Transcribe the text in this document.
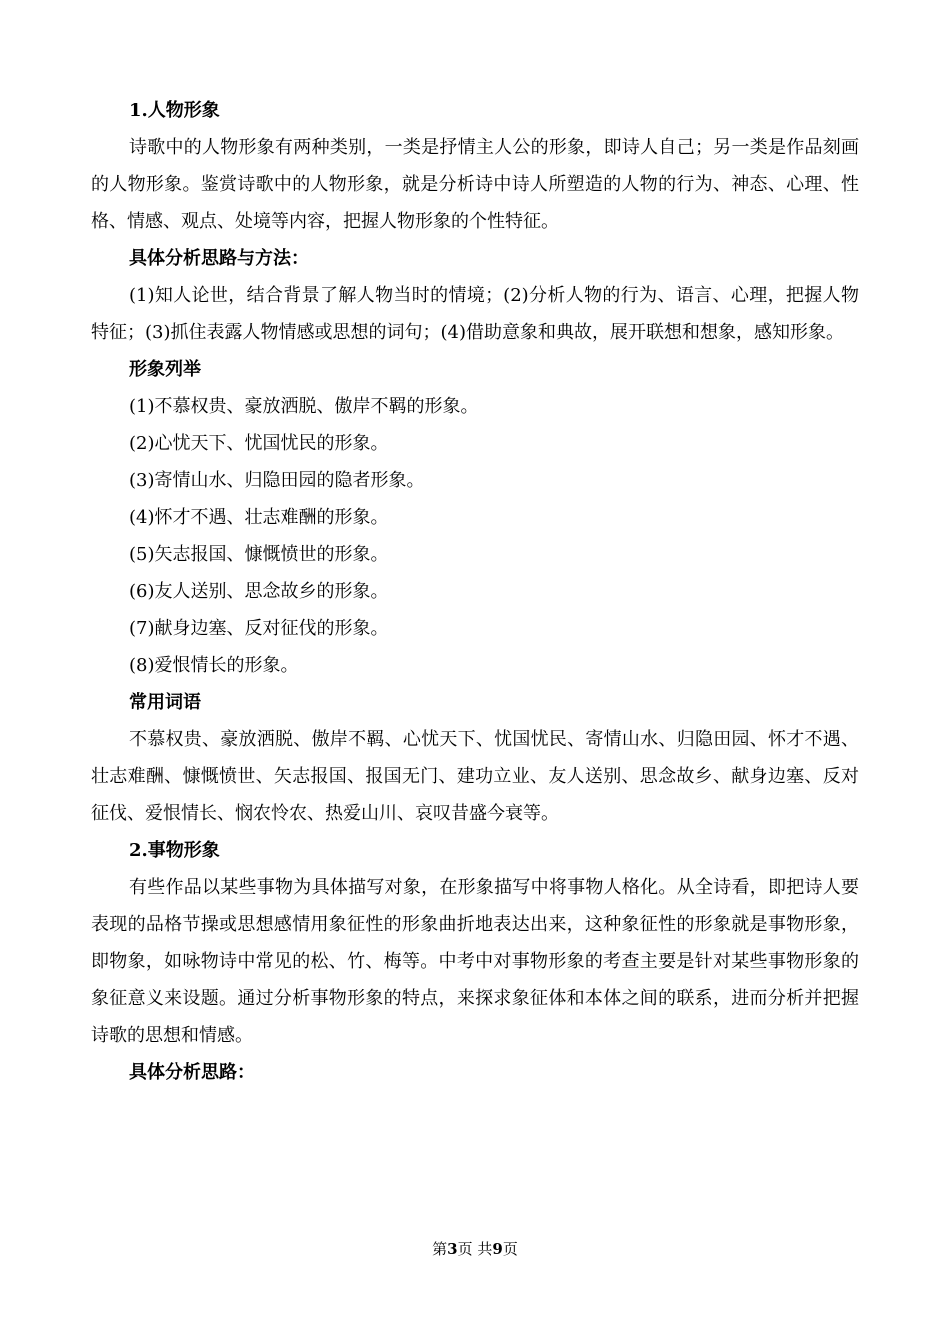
1.人物形象

诗歌中的人物形象有两种类别，一类是抒情主人公的形象，即诗人自己；另一类是作品刻画的人物形象。鉴赏诗歌中的人物形象，就是分析诗中诗人所塑造的人物的行为、神态、心理、性格、情感、观点、处境等内容，把握人物形象的个性特征。

具体分析思路与方法：

(1)知人论世，结合背景了解人物当时的情境；(2)分析人物的行为、语言、心理，把握人物特征；(3)抓住表露人物情感或思想的词句；(4)借助意象和典故，展开联想和想象，感知形象。

形象列举

(1)不慕权贵、豪放洒脱、傲岸不羁的形象。

(2)心忧天下、忧国忧民的形象。

(3)寄情山水、归隐田园的隐者形象。

(4)怀才不遇、壮志难酬的形象。

(5)矢志报国、慷慨愤世的形象。

(6)友人送别、思念故乡的形象。

(7)献身边塞、反对征伐的形象。

(8)爱恨情长的形象。

常用词语

不慕权贵、豪放洒脱、傲岸不羁、心忧天下、忧国忧民、寄情山水、归隐田园、怀才不遇、壮志难酬、慷慨愤世、矢志报国、报国无门、建功立业、友人送别、思念故乡、献身边塞、反对征伐、爱恨情长、悯农怜农、热爱山川、哀叹昔盛今衰等。

2.事物形象

有些作品以某些事物为具体描写对象，在形象描写中将事物人格化。从全诗看，即把诗人要表现的品格节操或思想感情用象征性的形象曲折地表达出来，这种象征性的形象就是事物形象，即物象，如咏物诗中常见的松、竹、梅等。中考中对事物形象的考查主要是针对某些事物形象的象征意义来设题。通过分析事物形象的特点，来探求象征体和本体之间的联系，进而分析并把握诗歌的思想和情感。

具体分析思路：

第3页 共9页
